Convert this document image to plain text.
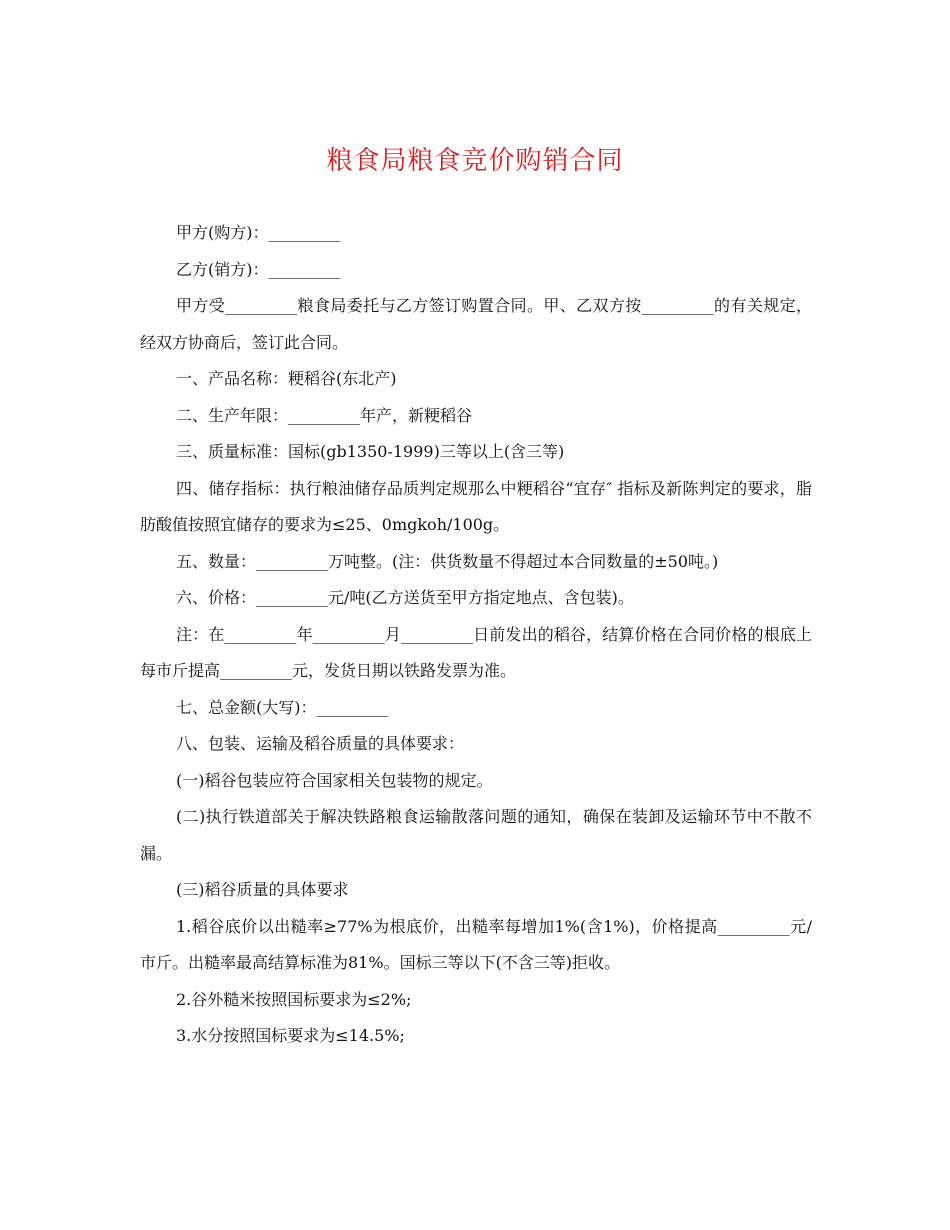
粮食局粮食竞价购销合同

甲方(购方)：_________

乙方(销方)：_________

甲方受_________粮食局委托与乙方签订购置合同。甲、乙双方按_________的有关规定，经双方协商后，签订此合同。

一、产品名称：粳稻谷(东北产)

二、生产年限：_________年产，新粳稻谷

三、质量标准：国标(gb1350-1999)三等以上(含三等)

四、储存指标：执行粮油储存品质判定规那么中粳稻谷“宜存″ 指标及新陈判定的要求，脂肪酸值按照宜储存的要求为≤25、0mgkoh/100g。

五、数量：_________万吨整。(注：供货数量不得超过本合同数量的±50吨。)

六、价格：_________元/吨(乙方送货至甲方指定地点、含包装)。

注：在_________年_________月_________日前发出的稻谷，结算价格在合同价格的根底上每市斤提高_________元，发货日期以铁路发票为准。

七、总金额(大写)：_________

八、包装、运输及稻谷质量的具体要求：

(一)稻谷包装应符合国家相关包装物的规定。

(二)执行铁道部关于解决铁路粮食运输散落问题的通知，确保在装卸及运输环节中不散不漏。

(三)稻谷质量的具体要求

1.稻谷底价以出糙率≥77%为根底价，出糙率每增加1%(含1%)，价格提高_________元/市斤。出糙率最高结算标准为81%。国标三等以下(不含三等)拒收。

2.谷外糙米按照国标要求为≤2%;

3.水分按照国标要求为≤14.5%;
